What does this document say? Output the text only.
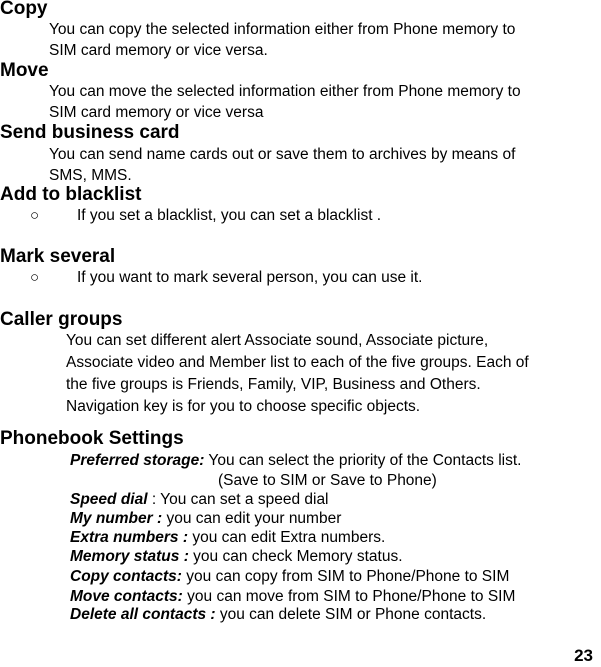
Copy
You can copy the selected information either from Phone memory to
SIM card memory or vice versa.
Move
You can move the selected information either from Phone memory to
SIM card memory or vice versa
Send business card
You can send name cards out or save them to archives by means of
SMS, MMS.
Add to blacklist
○ If you set a blacklist, you can set a blacklist .
Mark several
○ If you want to mark several person, you can use it.
Caller groups
You can set different alert Associate sound, Associate picture,
Associate video and Member list to each of the five groups. Each of
the five groups is Friends, Family, VIP, Business and Others.
Navigation key is for you to choose specific objects.
Phonebook Settings
Preferred storage: You can select the priority of the Contacts list.
(Save to SIM or Save to Phone)
Speed dial : You can set a speed dial
My number : you can edit your number
Extra numbers : you can edit Extra numbers.
Memory status : you can check Memory status.
Copy contacts: you can copy from SIM to Phone/Phone to SIM
Move contacts: you can move from SIM to Phone/Phone to SIM
Delete all contacts : you can delete SIM or Phone contacts.
23
